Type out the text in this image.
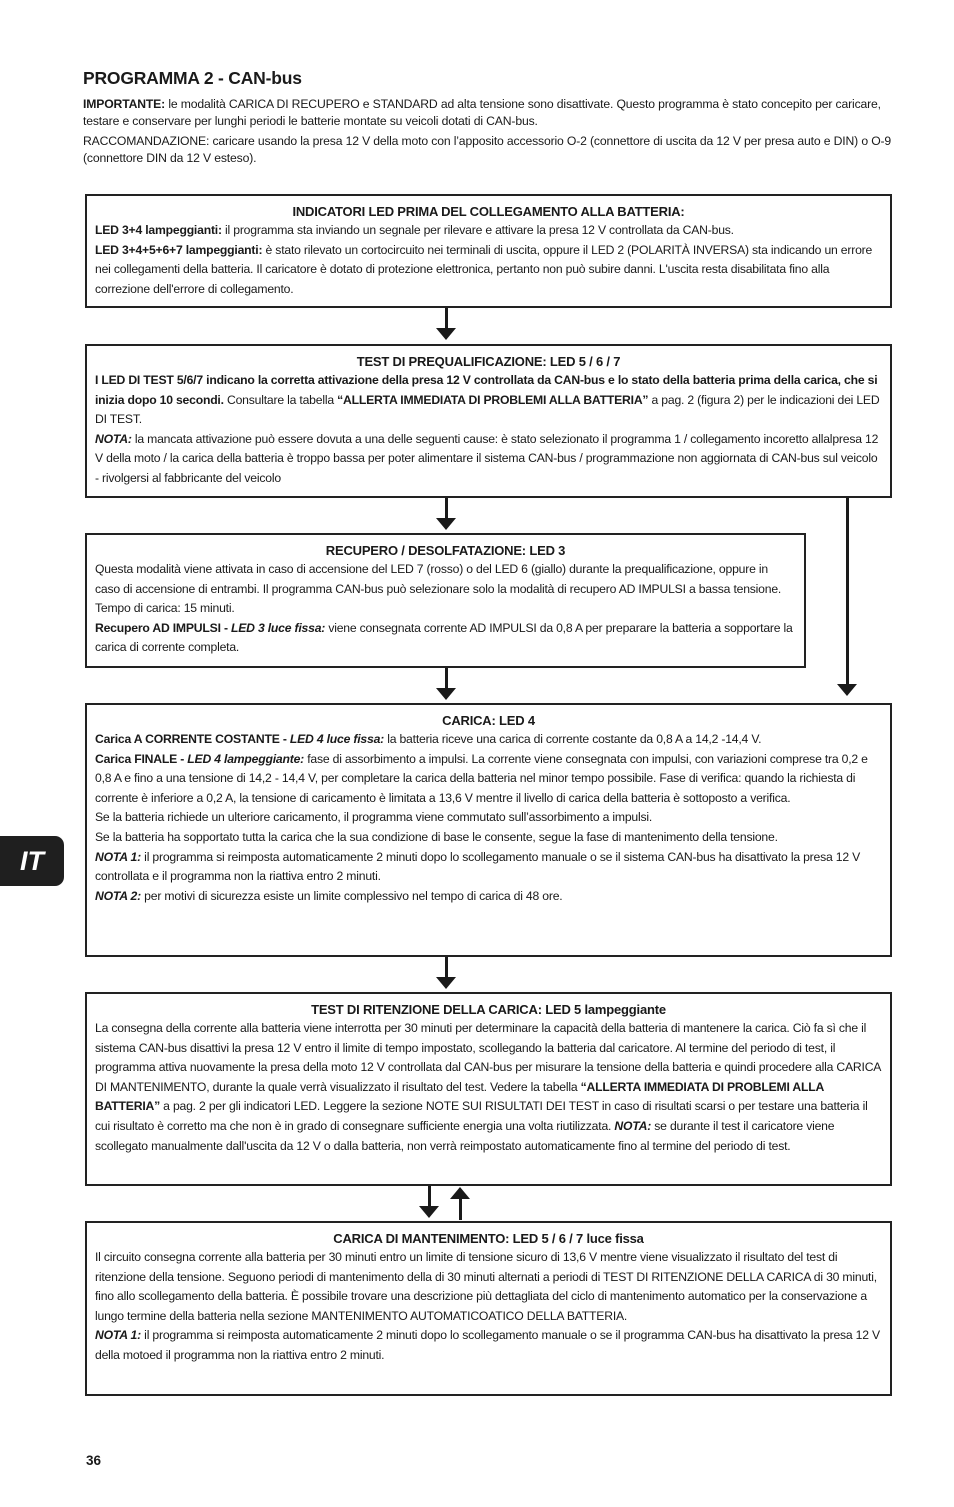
PROGRAMMA 2 - CAN-bus

IMPORTANTE: le modalità CARICA DI RECUPERO e STANDARD ad alta tensione sono disattivate. Questo programma è stato concepito per caricare, testare e conservare per lunghi periodi le batterie montate su veicoli dotati di CAN-bus.

RACCOMANDAZIONE: caricare usando la presa 12 V della moto con l’apposito accessorio O-2 (connettore di uscita da 12 V per presa auto e DIN) o O-9 (connettore DIN da 12 V esteso).

INDICATORI LED PRIMA DEL COLLEGAMENTO ALLA BATTERIA:

LED 3+4 lampeggianti: il programma sta inviando un segnale per rilevare e attivare la presa 12 V controllata da CAN-bus.

LED 3+4+5+6+7 lampeggianti: è stato rilevato un cortocircuito nei terminali di uscita, oppure il LED 2 (POLARITÀ INVERSA) sta indicando un errore nei collegamenti della batteria. Il caricatore è dotato di protezione elettronica, pertanto non può subire danni. L'uscita resta disabilitata fino alla correzione dell'errore di collegamento.

TEST DI PREQUALIFICAZIONE: LED 5 / 6 / 7

I LED DI TEST 5/6/7 indicano la corretta attivazione della presa 12 V controllata da CAN-bus e lo stato della batteria prima della carica, che si inizia dopo 10 secondi. Consultare la tabella “ALLERTA IMMEDIATA DI PROBLEMI ALLA BATTERIA” a pag. 2 (figura 2) per le indicazioni dei LED DI TEST.

NOTA: la mancata attivazione può essere dovuta a una delle seguenti cause: è stato selezionato il programma 1 / collegamento incoretto allalpresa 12 V della moto / la carica della batteria è troppo bassa per poter alimentare il sistema CAN-bus / programmazione non aggiornata di CAN-bus sul veicolo - rivolgersi al fabbricante del veicolo

RECUPERO / DESOLFATAZIONE: LED 3

Questa modalità viene attivata in caso di accensione del LED 7 (rosso) o del LED 6 (giallo) durante la prequalificazione, oppure in caso di accensione di entrambi. Il programma CAN-bus può selezionare solo la modalità di recupero AD IMPULSI a bassa tensione. Tempo di carica: 15 minuti.

Recupero AD IMPULSI - LED 3 luce fissa: viene consegnata corrente AD IMPULSI da 0,8 A per preparare la batteria a sopportare la carica di corrente completa.

CARICA: LED 4

Carica A CORRENTE COSTANTE - LED 4 luce fissa: la batteria riceve una carica di corrente costante da 0,8 A a 14,2 -14,4 V.

Carica FINALE - LED 4 lampeggiante: fase di assorbimento a impulsi. La corrente viene consegnata con impulsi, con variazioni comprese tra 0,2 e 0,8 A e fino a una tensione di 14,2 - 14,4 V, per completare la carica della batteria nel minor tempo possibile. Fase di verifica: quando la richiesta di corrente è inferiore a 0,2 A, la tensione di caricamento è limitata a 13,6 V mentre il livello di carica della batteria è sottoposto a verifica.

Se la batteria richiede un ulteriore caricamento, il programma viene commutato sull’assorbimento a impulsi.

Se la batteria ha sopportato tutta la carica che la sua condizione di base le consente, segue la fase di mantenimento della tensione.

NOTA 1: il programma si reimposta automaticamente 2 minuti dopo lo scollegamento manuale o se il sistema CAN-bus ha disattivato la presa 12 V controllata e il programma non la riattiva entro 2 minuti.

NOTA 2: per motivi di sicurezza esiste un limite complessivo nel tempo di carica di 48 ore.

TEST DI RITENZIONE DELLA CARICA: LED 5 lampeggiante

La consegna della corrente alla batteria viene interrotta per 30 minuti per determinare la capacità della batteria di mantenere la carica. Ciò fa sì che il sistema CAN-bus disattivi la presa 12 V entro il limite di tempo impostato, scollegando la batteria dal caricatore. Al termine del periodo di test, il programma attiva nuovamente la presa della moto 12 V controllata dal CAN-bus per misurare la tensione della batteria e quindi procedere alla CARICA DI MANTENIMENTO, durante la quale verrà visualizzato il risultato del test. Vedere la tabella “ALLERTA IMMEDIATA DI PROBLEMI ALLA BATTERIA” a pag. 2 per gli indicatori LED. Leggere la sezione NOTE SUI RISULTATI DEI TEST in caso di risultati scarsi o per testare una batteria il cui risultato è corretto ma che non è in grado di consegnare sufficiente energia una volta riutilizzata. NOTA: se durante il test il caricatore viene scollegato manualmente dall'uscita da 12 V o dalla batteria, non verrà reimpostato automaticamente fino al termine del periodo di test.

CARICA DI MANTENIMENTO: LED 5 / 6 / 7 luce fissa

Il circuito consegna corrente alla batteria per 30 minuti entro un limite di tensione sicuro di 13,6 V mentre viene visualizzato il risultato del test di ritenzione della tensione. Seguono periodi di mantenimento della di 30 minuti alternati a periodi di TEST DI RITENZIONE DELLA CARICA di 30 minuti, fino allo scollegamento della batteria. È possibile trovare una descrizione più dettagliata del ciclo di mantenimento automatico per la conservazione a lungo termine della batteria nella sezione MANTENIMENTO AUTOMATICOATICO DELLA BATTERIA.

NOTA 1: il programma si reimposta automaticamente 2 minuti dopo lo scollegamento manuale o se il programma CAN-bus ha disattivato la presa 12 V della motoed il programma non la riattiva entro 2 minuti.

IT
36
